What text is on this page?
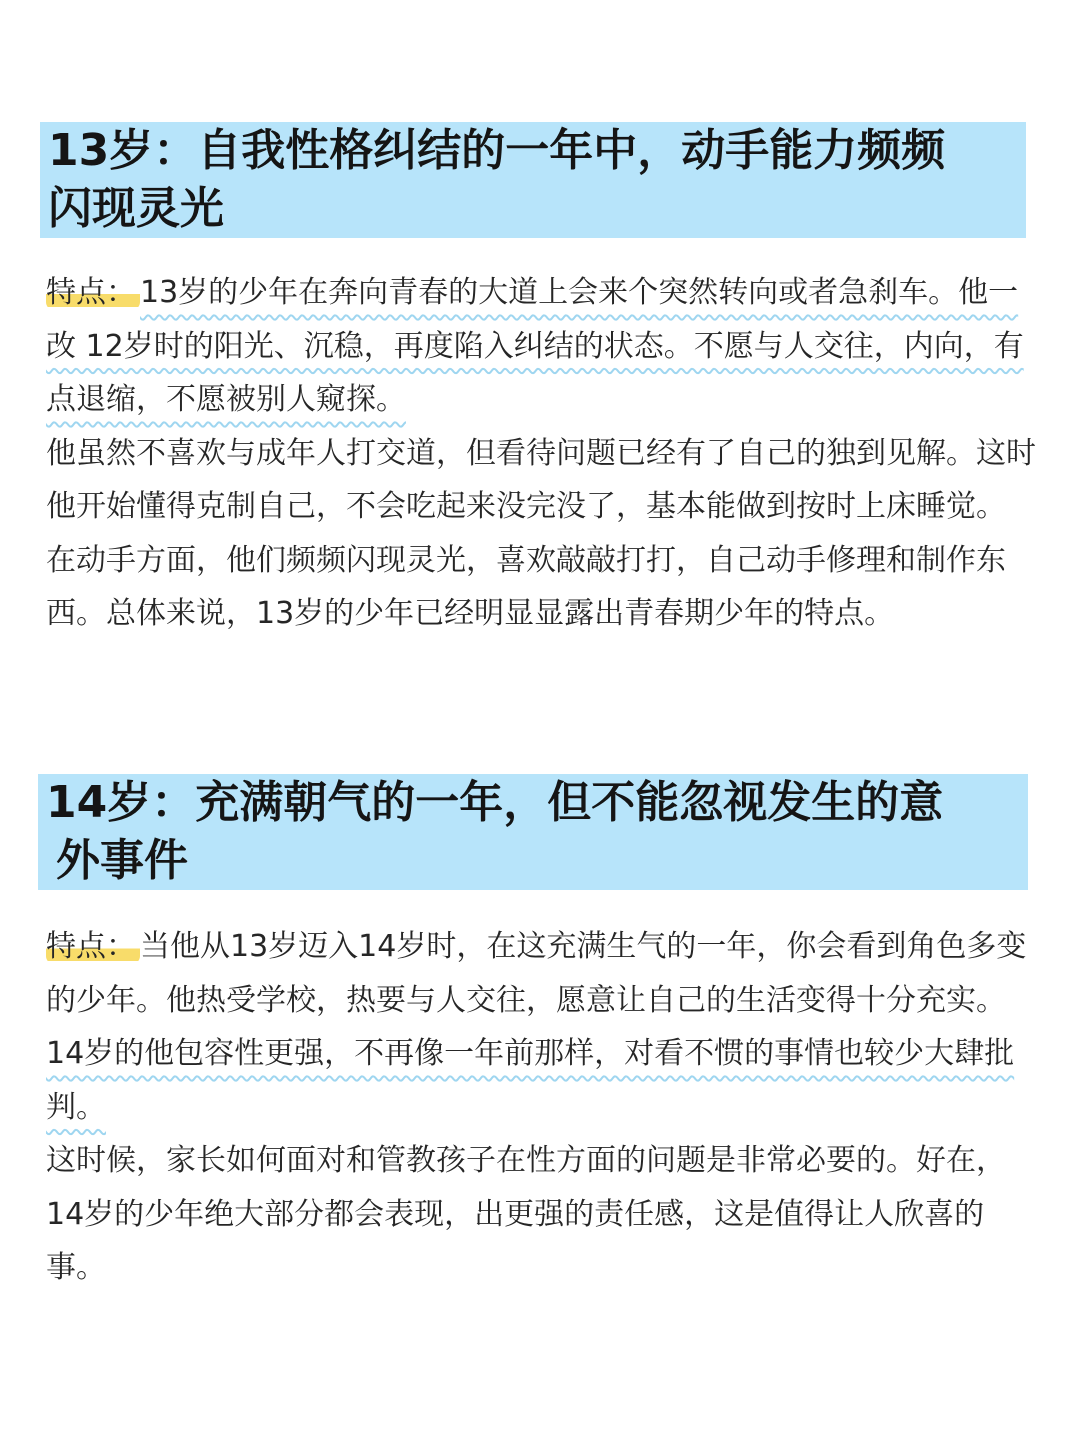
13岁：自我性格纠结的一年中，动手能力频频
闪现灵光

特点： 13岁的少年在奔向青春的大道上会来个突然转向或者急刹车。他一改 12岁时的阳光、沉稳，再度陷入纠结的状态。不愿与人交往，内向，有点退缩，不愿被别人窥探。

他虽然不喜欢与成年人打交道，但看待问题已经有了自己的独到见解。这时他开始懂得克制自己，不会吃起来没完没了，基本能做到按时上床睡觉。

在动手方面，他们频频闪现灵光，喜欢敲敲打打，自己动手修理和制作东西。总体来说，13岁的少年已经明显显露出青春期少年的特点。

14岁：充满朝气的一年，但不能忽视发生的意
外事件

特点： 当他从13岁迈入14岁时，在这充满生气的一年，你会看到角色多变的少年。他热受学校，热要与人交往，愿意让自己的生活变得十分充实。

14岁的他包容性更强，不再像一年前那样，对看不惯的事情也较少大肆批判。

这时候，家长如何面对和管教孩子在性方面的问题是非常必要的。好在，14岁的少年绝大部分都会表现，出更强的责任感，这是值得让人欣喜的事。
